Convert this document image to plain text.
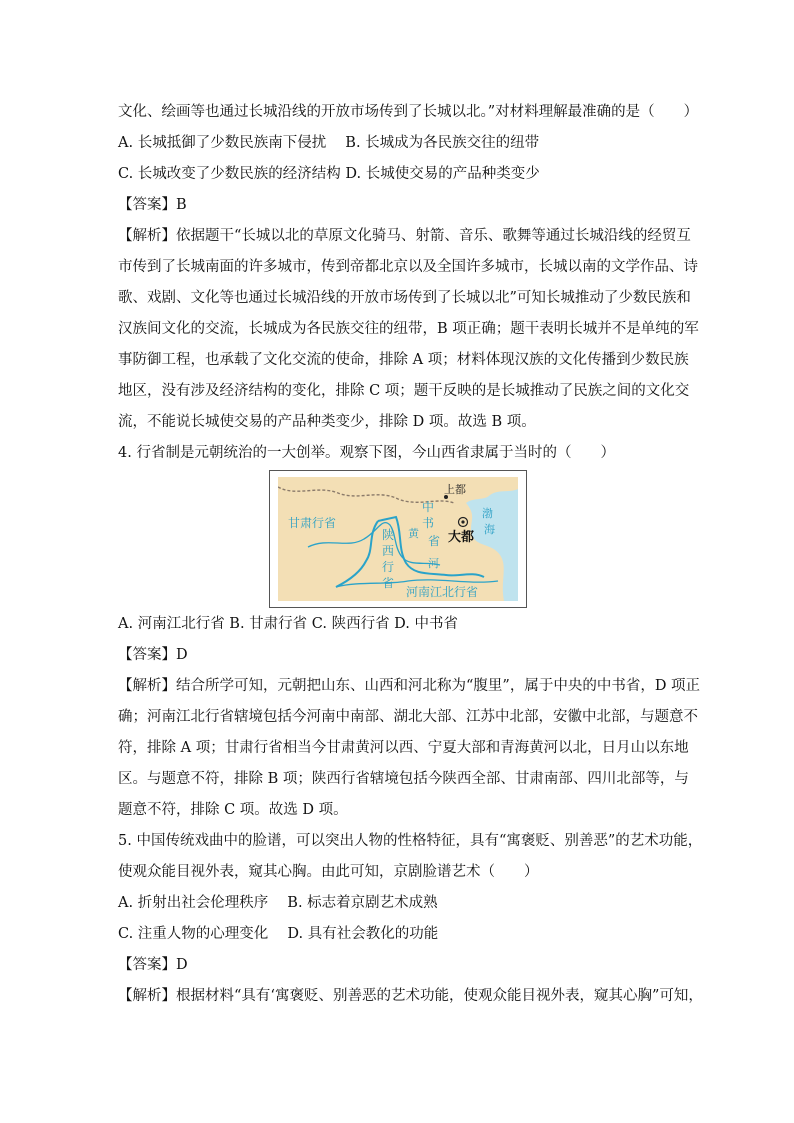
文化、绘画等也通过长城沿线的开放市场传到了长城以北。”对材料理解最准确的是（　　）
A. 长城抵御了少数民族南下侵扰　 B. 长城成为各民族交往的纽带
C. 长城改变了少数民族的经济结构 D. 长城使交易的产品种类变少
【答案】B
【解析】依据题干“长城以北的草原文化骑马、射箭、音乐、歌舞等通过长城沿线的经贸互
市传到了长城南面的许多城市，传到帝都北京以及全国许多城市，长城以南的文学作品、诗
歌、戏剧、文化等也通过长城沿线的开放市场传到了长城以北”可知长城推动了少数民族和
汉族间文化的交流，长城成为各民族交往的纽带，B 项正确；题干表明长城并不是单纯的军
事防御工程，也承载了文化交流的使命，排除 A 项；材料体现汉族的文化传播到少数民族
地区，没有涉及经济结构的变化，排除 C 项；题干反映的是长城推动了民族之间的文化交
流，不能说长城使交易的产品种类变少，排除 D 项。故选 B 项。
4. 行省制是元朝统治的一大创举。观察下图，今山西省隶属于当时的（　　）
上都
大都
甘肃行省
河南江北行省
陕
西
行
省
中
书
省
黄
河
渤
海
A. 河南江北行省 B. 甘肃行省 C. 陕西行省 D. 中书省
【答案】D
【解析】结合所学可知，元朝把山东、山西和河北称为“腹里”，属于中央的中书省，D 项正
确；河南江北行省辖境包括今河南中南部、湖北大部、江苏中北部，安徽中北部，与题意不
符，排除 A 项；甘肃行省相当今甘肃黄河以西、宁夏大部和青海黄河以北，日月山以东地
区。与题意不符，排除 B 项；陕西行省辖境包括今陕西全部、甘肃南部、四川北部等，与
题意不符，排除 C 项。故选 D 项。
5. 中国传统戏曲中的脸谱，可以突出人物的性格特征，具有“寓褒贬、别善恶”的艺术功能，
使观众能目视外表，窥其心胸。由此可知，京剧脸谱艺术（　　）
A. 折射出社会伦理秩序　 B. 标志着京剧艺术成熟
C. 注重人物的心理变化　 D. 具有社会教化的功能
【答案】D
【解析】根据材料“具有‘寓褒贬、别善恶的艺术功能，使观众能目视外表，窥其心胸”可知，
